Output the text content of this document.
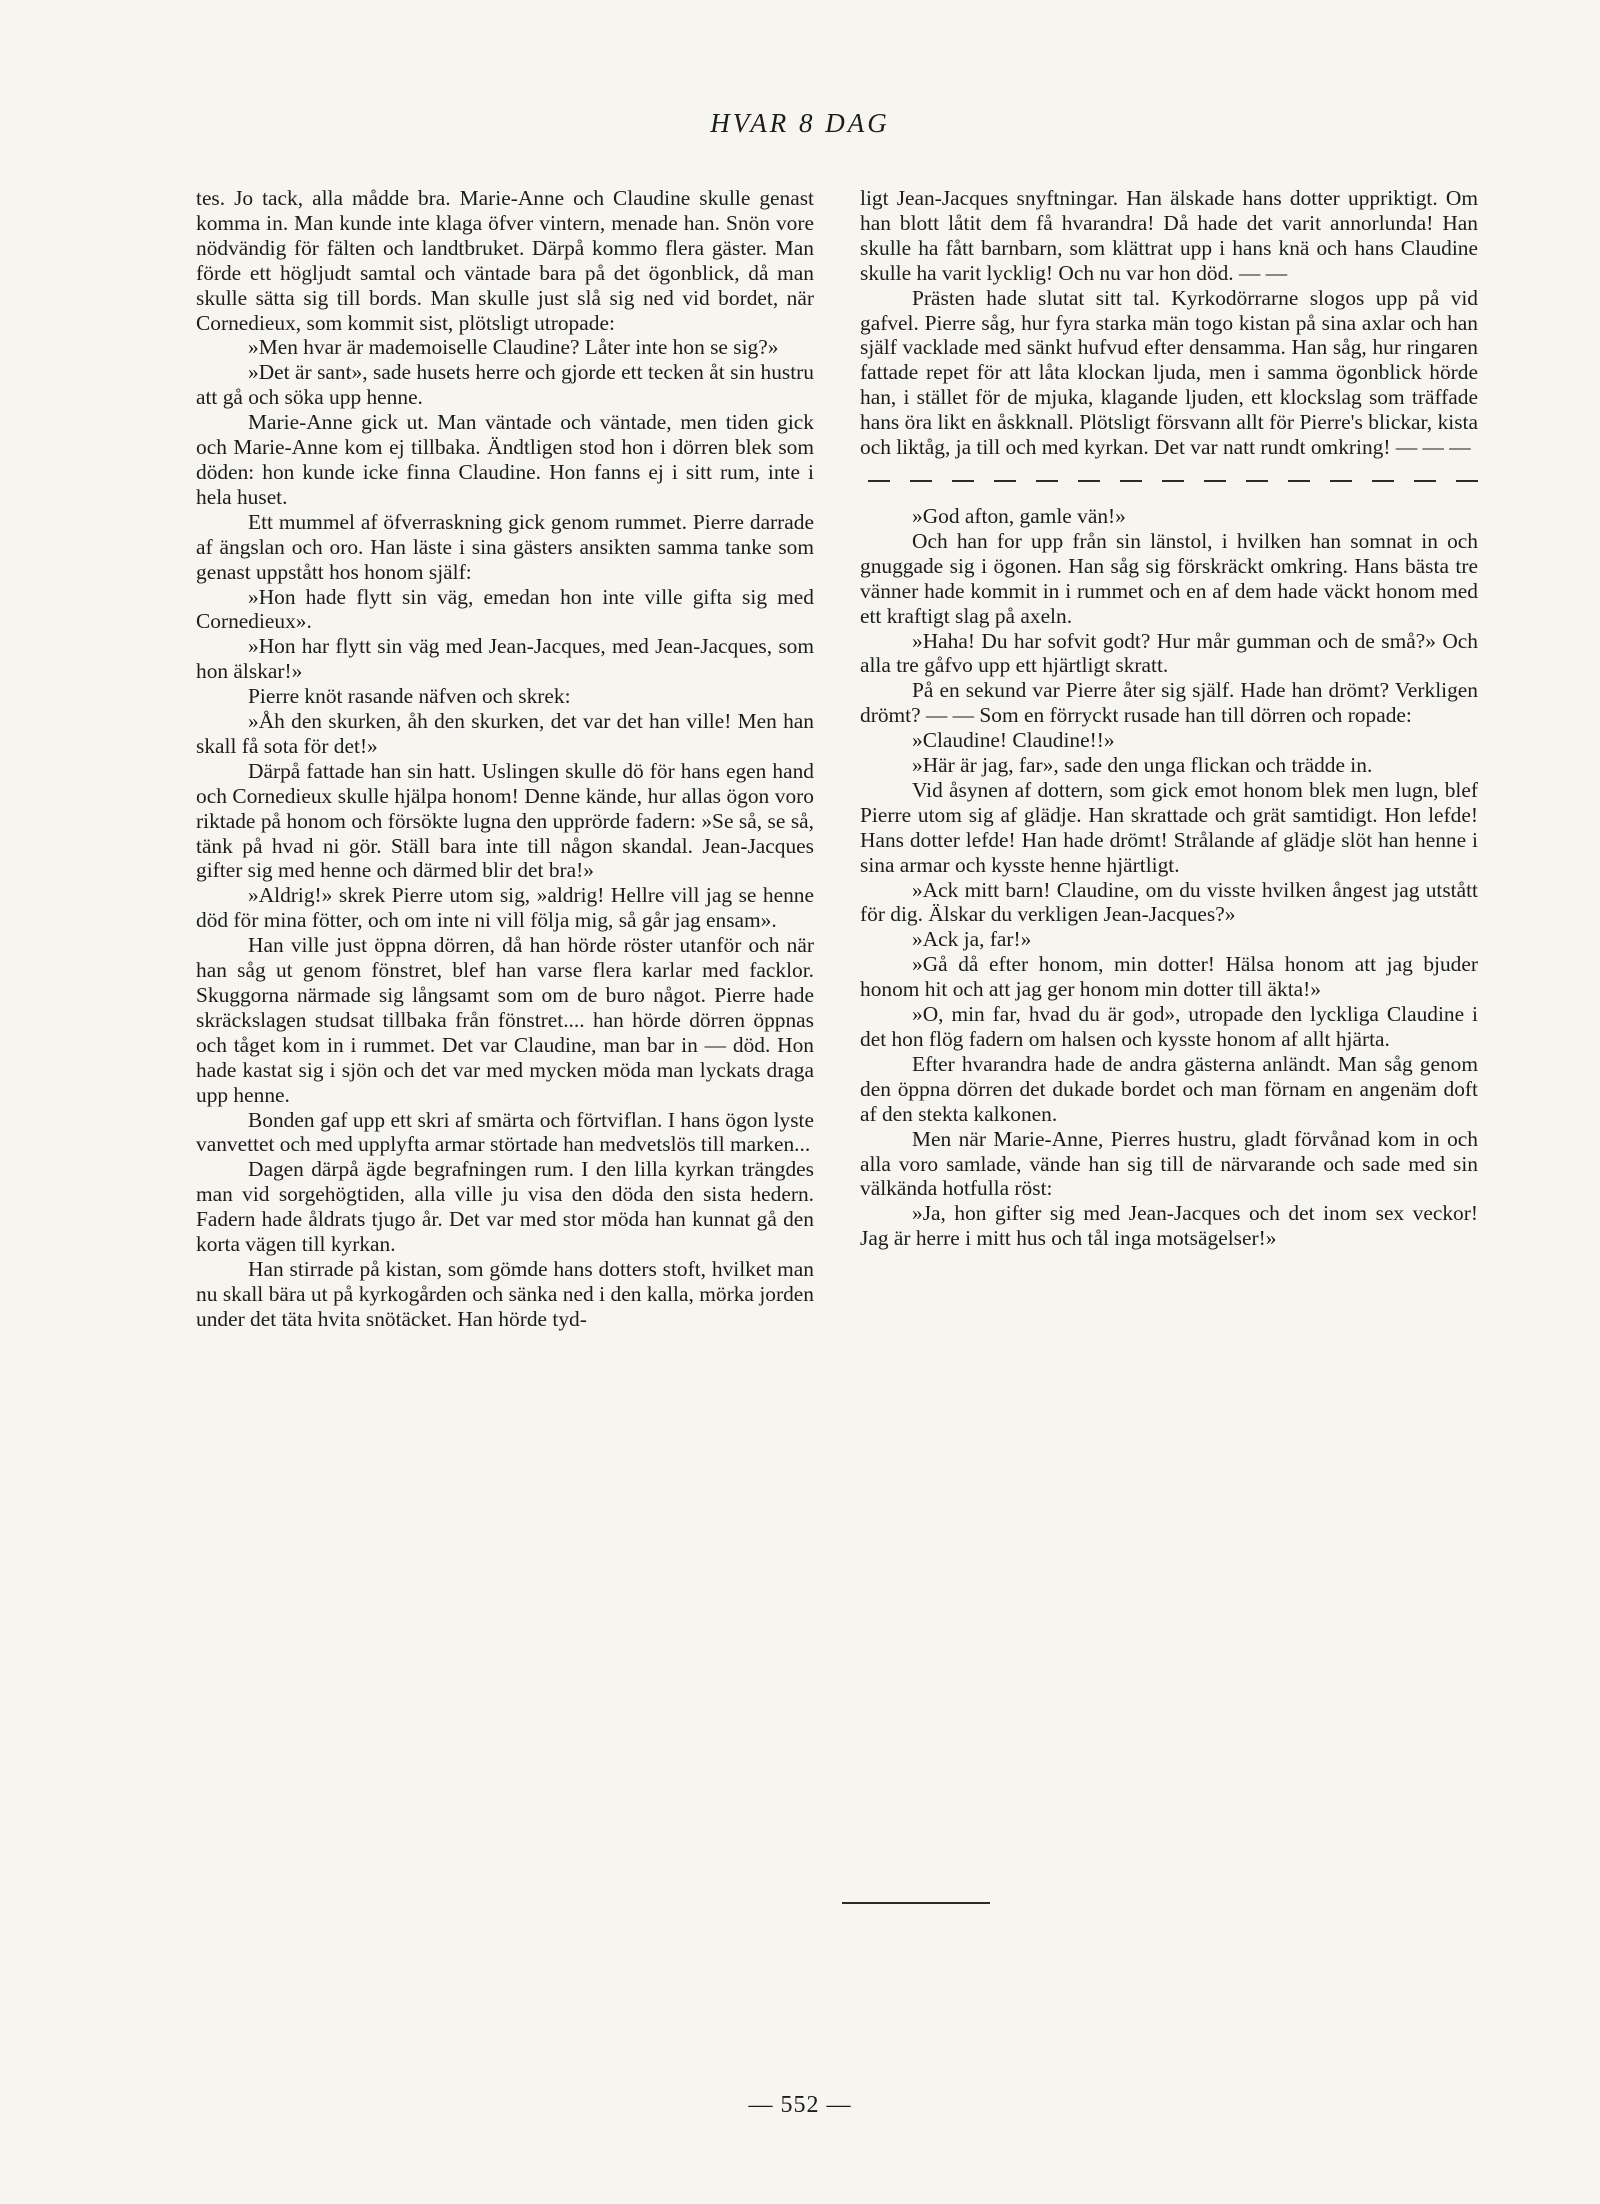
HVAR 8 DAG

tes. Jo tack, alla mådde bra. Marie-Anne och Claudine skulle genast komma in. Man kunde inte klaga öfver vintern, menade han. Snön vore nödvändig för fälten och landtbruket. Därpå kommo flera gäster. Man förde ett högljudt samtal och väntade bara på det ögonblick, då man skulle sätta sig till bords. Man skulle just slå sig ned vid bordet, när Cornedieux, som kommit sist, plötsligt utropade:

»Men hvar är mademoiselle Claudine? Låter inte hon se sig?»

»Det är sant», sade husets herre och gjorde ett tecken åt sin hustru att gå och söka upp henne.

Marie-Anne gick ut. Man väntade och väntade, men tiden gick och Marie-Anne kom ej tillbaka. Ändtligen stod hon i dörren blek som döden: hon kunde icke finna Claudine. Hon fanns ej i sitt rum, inte i hela huset.

Ett mummel af öfverraskning gick genom rummet. Pierre darrade af ängslan och oro. Han läste i sina gästers ansikten samma tanke som genast uppstått hos honom själf:

»Hon hade flytt sin väg, emedan hon inte ville gifta sig med Cornedieux».

»Hon har flytt sin väg med Jean-Jacques, med Jean-Jacques, som hon älskar!»

Pierre knöt rasande näfven och skrek:

»Åh den skurken, åh den skurken, det var det han ville! Men han skall få sota för det!»

Därpå fattade han sin hatt. Uslingen skulle dö för hans egen hand och Cornedieux skulle hjälpa honom! Denne kände, hur allas ögon voro riktade på honom och försökte lugna den upprörde fadern: »Se så, se så, tänk på hvad ni gör. Ställ bara inte till någon skandal. Jean-Jacques gifter sig med henne och därmed blir det bra!»

»Aldrig!» skrek Pierre utom sig, »aldrig! Hellre vill jag se henne död för mina fötter, och om inte ni vill följa mig, så går jag ensam».

Han ville just öppna dörren, då han hörde röster utanför och när han såg ut genom fönstret, blef han varse flera karlar med facklor. Skuggorna närmade sig långsamt som om de buro något. Pierre hade skräckslagen studsat tillbaka från fönstret.... han hörde dörren öppnas och tåget kom in i rummet. Det var Claudine, man bar in — död. Hon hade kastat sig i sjön och det var med mycken möda man lyckats draga upp henne.

Bonden gaf upp ett skri af smärta och förtviflan. I hans ögon lyste vanvettet och med upplyfta armar störtade han medvetslös till marken...

Dagen därpå ägde begrafningen rum. I den lilla kyrkan trängdes man vid sorgehögtiden, alla ville ju visa den döda den sista hedern. Fadern hade åldrats tjugo år. Det var med stor möda han kunnat gå den korta vägen till kyrkan.

Han stirrade på kistan, som gömde hans dotters stoft, hvilket man nu skall bära ut på kyrkogården och sänka ned i den kalla, mörka jorden under det täta hvita snötäcket. Han hörde tyd-

ligt Jean-Jacques snyftningar. Han älskade hans dotter uppriktigt. Om han blott låtit dem få hvarandra! Då hade det varit annorlunda! Han skulle ha fått barnbarn, som klättrat upp i hans knä och hans Claudine skulle ha varit lycklig! Och nu var hon död. — —

Prästen hade slutat sitt tal. Kyrkodörrarne slogos upp på vid gafvel. Pierre såg, hur fyra starka män togo kistan på sina axlar och han själf vacklade med sänkt hufvud efter densamma. Han såg, hur ringaren fattade repet för att låta klockan ljuda, men i samma ögonblick hörde han, i stället för de mjuka, klagande ljuden, ett klockslag som träffade hans öra likt en åskknall. Plötsligt försvann allt för Pierre's blickar, kista och liktåg, ja till och med kyrkan. Det var natt rundt omkring! — — —

»God afton, gamle vän!»

Och han for upp från sin länstol, i hvilken han somnat in och gnuggade sig i ögonen. Han såg sig förskräckt omkring. Hans bästa tre vänner hade kommit in i rummet och en af dem hade väckt honom med ett kraftigt slag på axeln.

»Haha! Du har sofvit godt? Hur mår gumman och de små?» Och alla tre gåfvo upp ett hjärtligt skratt.

På en sekund var Pierre åter sig själf. Hade han drömt? Verkligen drömt? — — Som en förryckt rusade han till dörren och ropade:

»Claudine! Claudine!!»

»Här är jag, far», sade den unga flickan och trädde in.

Vid åsynen af dottern, som gick emot honom blek men lugn, blef Pierre utom sig af glädje. Han skrattade och grät samtidigt. Hon lefde! Hans dotter lefde! Han hade drömt! Strålande af glädje slöt han henne i sina armar och kysste henne hjärtligt.

»Ack mitt barn! Claudine, om du visste hvilken ångest jag utstått för dig. Älskar du verkligen Jean-Jacques?»

»Ack ja, far!»

»Gå då efter honom, min dotter! Hälsa honom att jag bjuder honom hit och att jag ger honom min dotter till äkta!»

»O, min far, hvad du är god», utropade den lyckliga Claudine i det hon flög fadern om halsen och kysste honom af allt hjärta.

Efter hvarandra hade de andra gästerna anländt. Man såg genom den öppna dörren det dukade bordet och man förnam en angenäm doft af den stekta kalkonen.

Men när Marie-Anne, Pierres hustru, gladt förvånad kom in och alla voro samlade, vände han sig till de närvarande och sade med sin välkända hotfulla röst:

»Ja, hon gifter sig med Jean-Jacques och det inom sex veckor! Jag är herre i mitt hus och tål inga motsägelser!»

— 552 —
